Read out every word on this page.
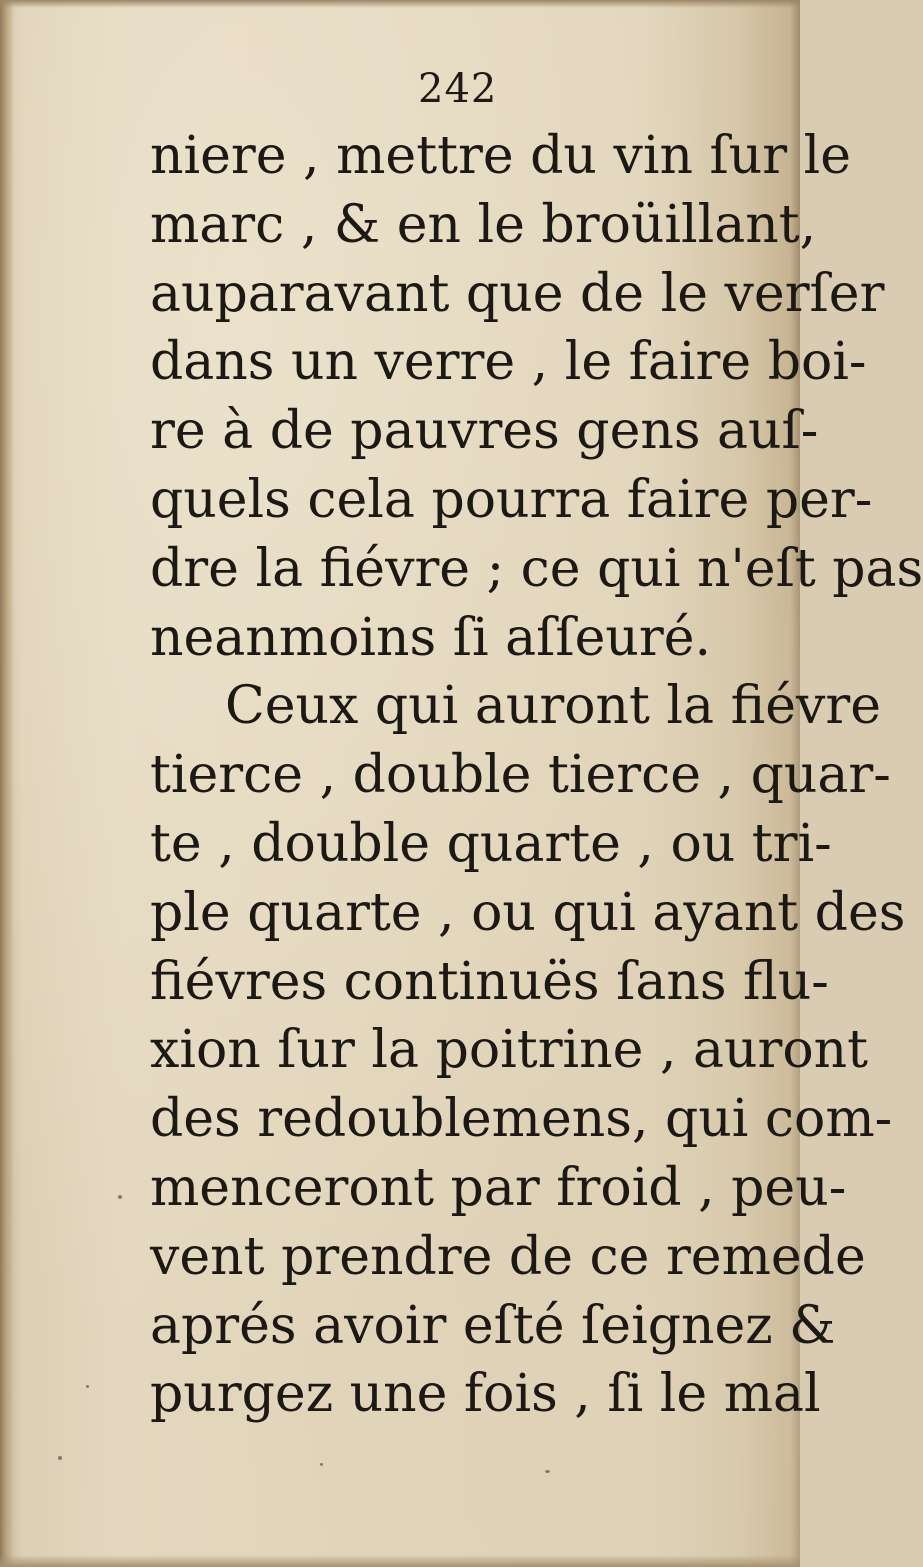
242
niere , mettre du vin ſur le
marc , & en le broüillant,
auparavant que de le verſer
dans un verre , le faire boi-
re à de pauvres gens auſ-
quels cela pourra faire per-
dre la fiévre ; ce qui n'eſt pas
neanmoins ſi aſſeuré.
Ceux qui auront la fiévre
tierce , double tierce , quar-
te , double quarte , ou tri-
ple quarte , ou qui ayant des
fiévres continuës ſans flu-
xion ſur la poitrine , auront
des redoublemens, qui com-
menceront par froid , peu-
vent prendre de ce remede
aprés avoir eſté ſeignez &
purgez une fois , ſi le mal
